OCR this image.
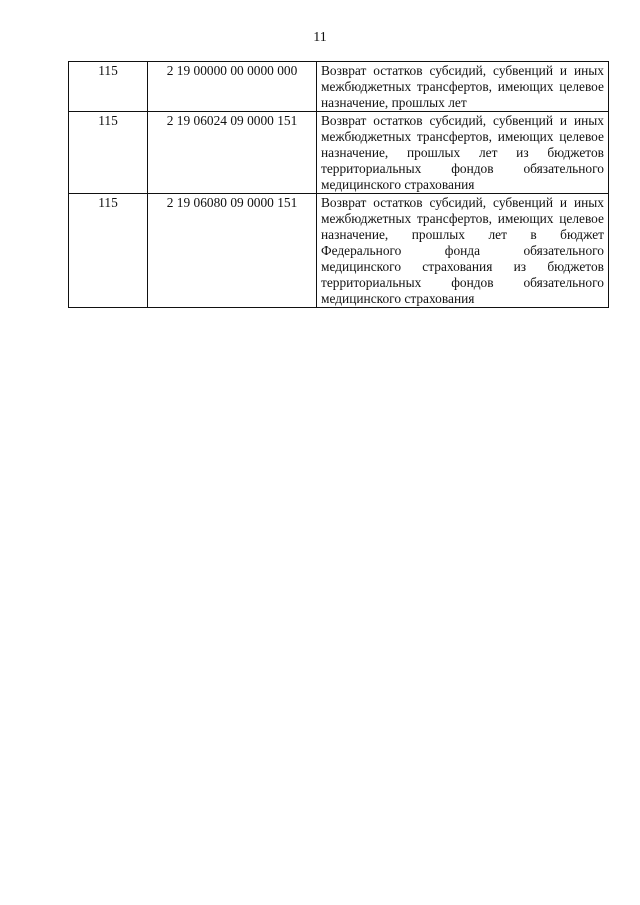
11
115	2 19 00000 00 0000 000	Возврат остатков субсидий, субвенций и иных межбюджетных трансфертов, имеющих целевое назначение, прошлых лет
115	2 19 06024 09 0000 151	Возврат остатков субсидий, субвенций и иных межбюджетных трансфертов, имеющих целевое назначение, прошлых лет из бюджетов территориальных фондов обязательного медицинского страхования
115	2 19 06080 09 0000 151	Возврат остатков субсидий, субвенций и иных межбюджетных трансфертов, имеющих целевое назначение, прошлых лет в бюджет Федерального фонда обязательного медицинского страхования из бюджетов территориальных фондов обязательного медицинского страхования
